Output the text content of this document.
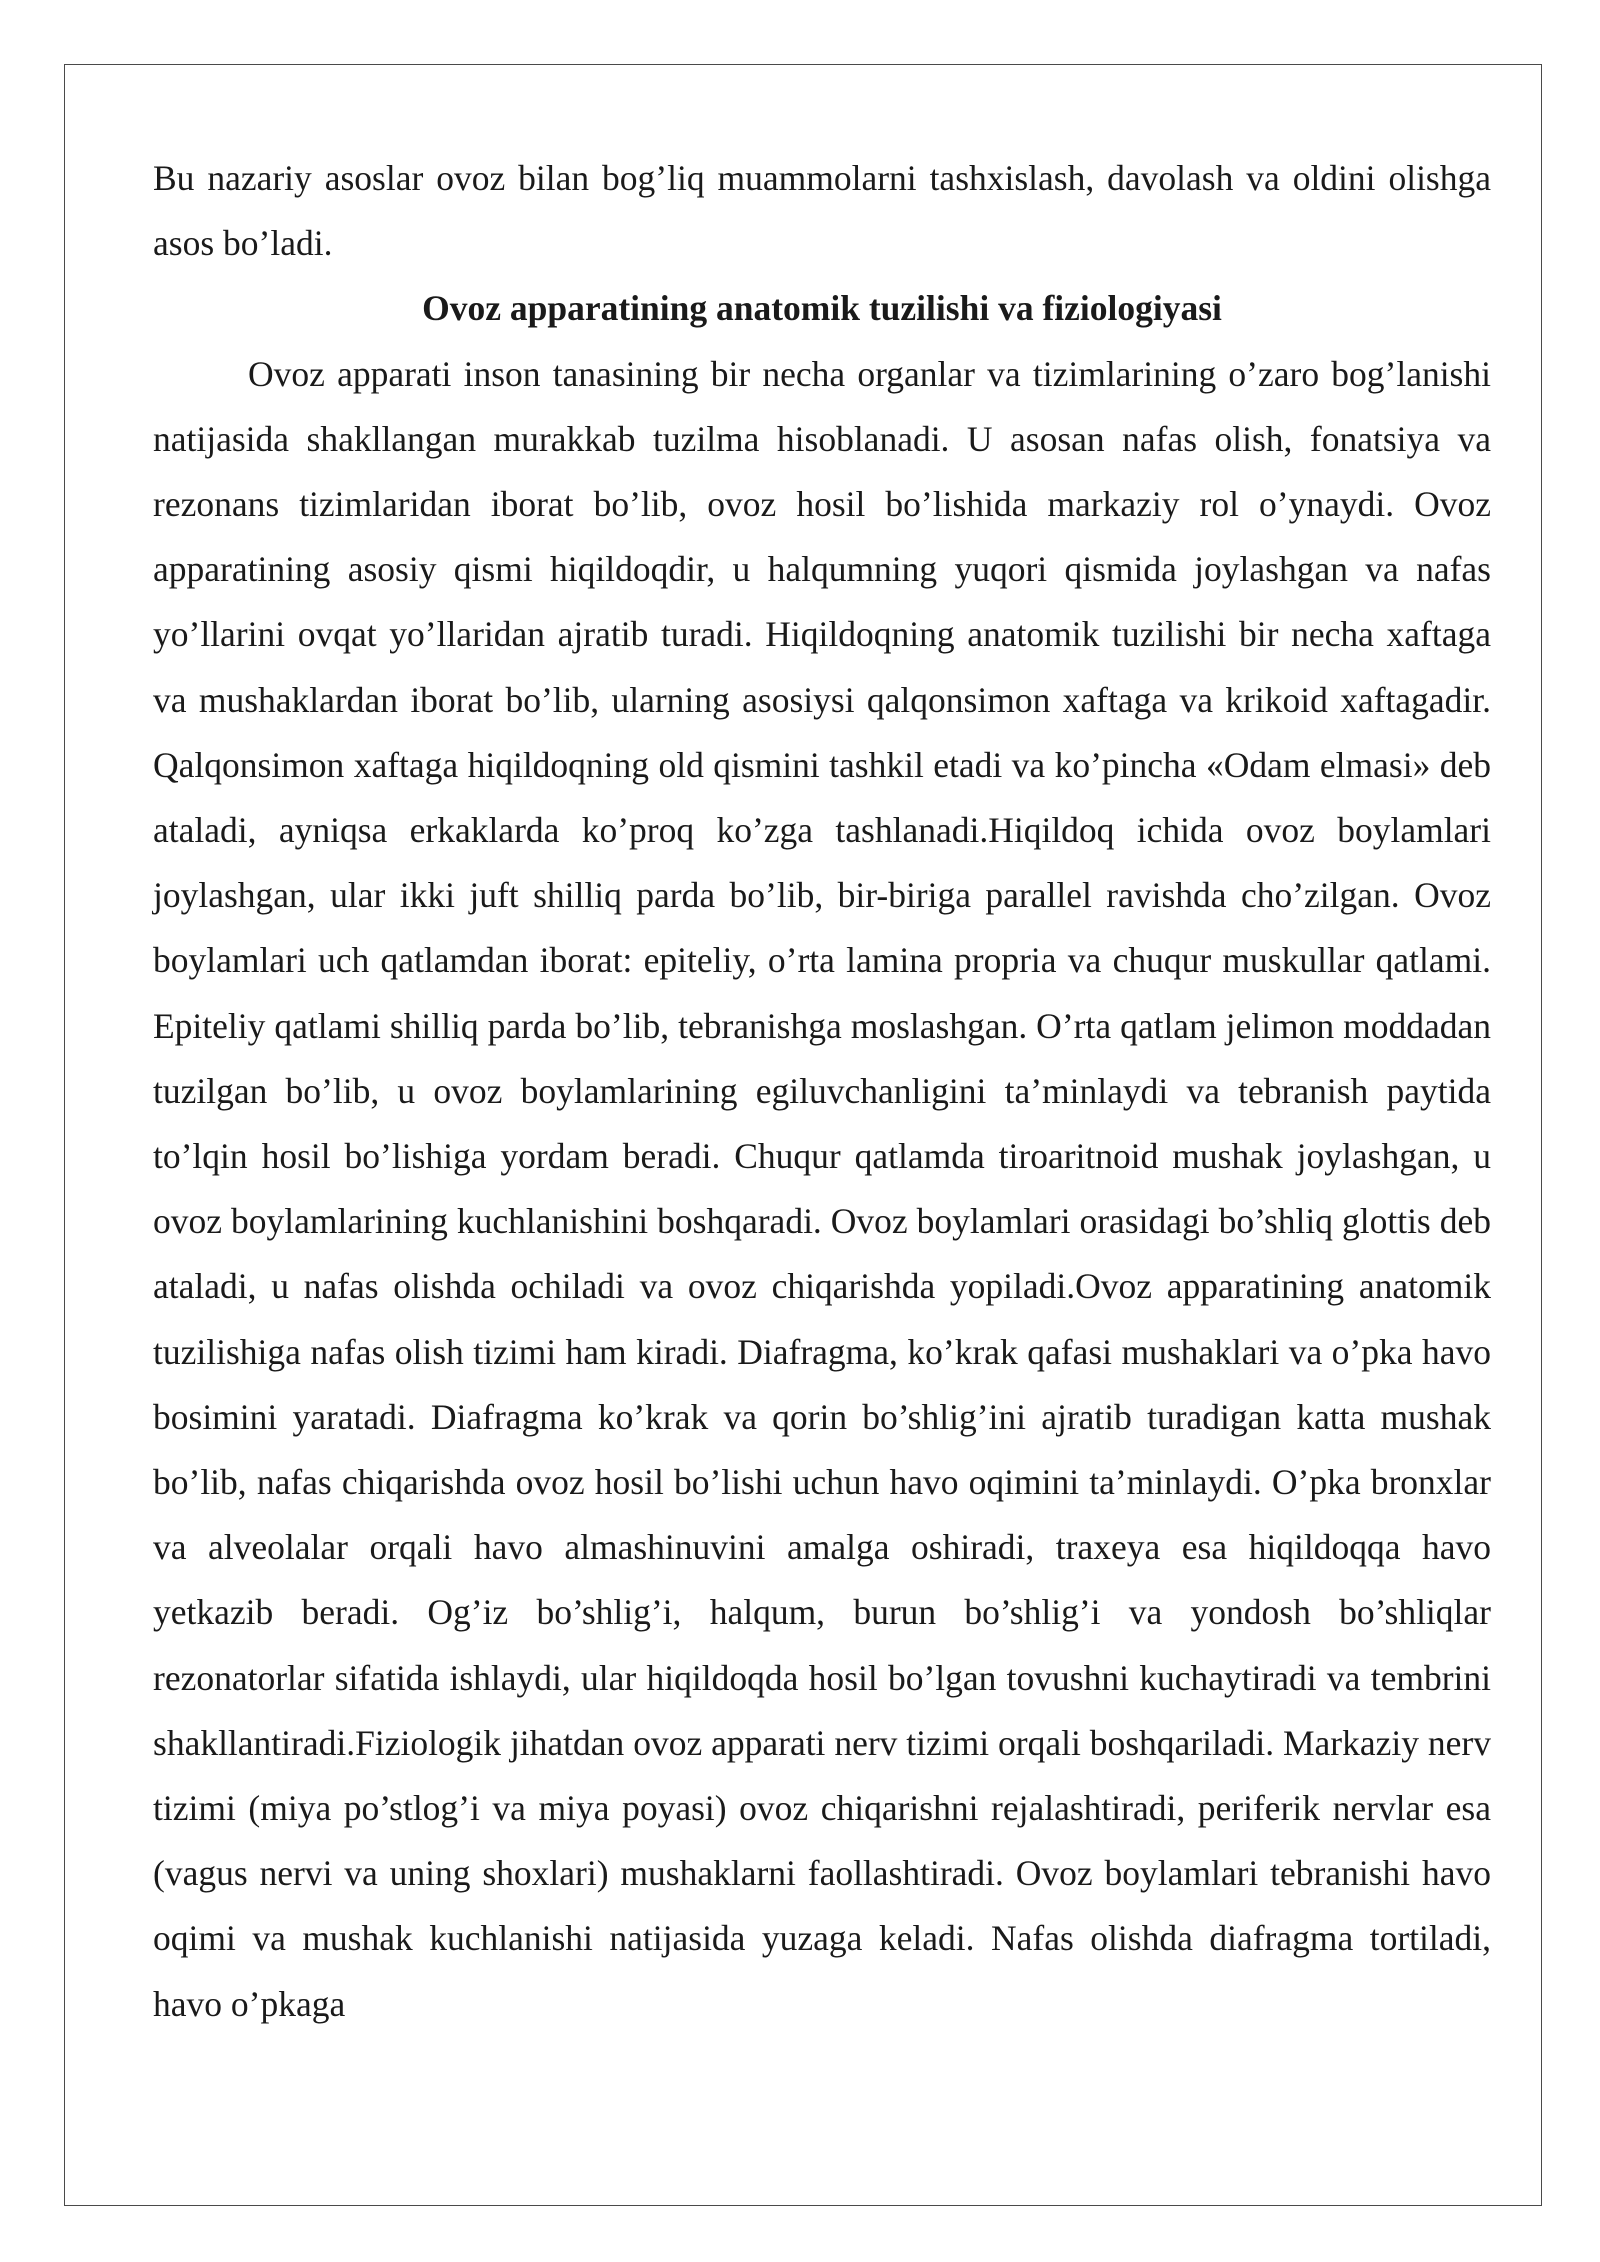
Bu nazariy asoslar ovoz bilan bog’liq muammolarni tashxislash, davolash va oldini olishga asos bo’ladi.

Ovoz apparatining anatomik tuzilishi va fiziologiyasi

Ovoz apparati inson tanasining bir necha organlar va tizimlarining o’zaro bog’lanishi natijasida shakllangan murakkab tuzilma hisoblanadi. U asosan nafas olish, fonatsiya va rezonans tizimlaridan iborat bo’lib, ovoz hosil bo’lishida markaziy rol o’ynaydi. Ovoz apparatining asosiy qismi hiqildoqdir, u halqumning yuqori qismida joylashgan va nafas yo’llarini ovqat yo’llaridan ajratib turadi. Hiqildoqning anatomik tuzilishi bir necha xaftaga va mushaklardan iborat bo’lib, ularning asosiysi qalqonsimon xaftaga va krikoid xaftagadir. Qalqonsimon xaftaga hiqildoqning old qismini tashkil etadi va ko’pincha «Odam elmasi» deb ataladi, ayniqsa erkaklarda ko’proq ko’zga tashlanadi.Hiqildoq ichida ovoz boylamlari joylashgan, ular ikki juft shilliq parda bo’lib, bir-biriga parallel ravishda cho’zilgan. Ovoz boylamlari uch qatlamdan iborat: epiteliy, o’rta lamina propria va chuqur muskullar qatlami. Epiteliy qatlami shilliq parda bo’lib, tebranishga moslashgan. O’rta qatlam jelimon moddadan tuzilgan bo’lib, u ovoz boylamlarining egiluvchanligini ta’minlaydi va tebranish paytida to’lqin hosil bo’lishiga yordam beradi. Chuqur qatlamda tiroaritnoid mushak joylashgan, u ovoz boylamlarining kuchlanishini boshqaradi. Ovoz boylamlari orasidagi bo’shliq glottis deb ataladi, u nafas olishda ochiladi va ovoz chiqarishda yopiladi.Ovoz apparatining anatomik tuzilishiga nafas olish tizimi ham kiradi. Diafragma, ko’krak qafasi mushaklari va o’pka havo bosimini yaratadi. Diafragma ko’krak va qorin bo’shlig’ini ajratib turadigan katta mushak bo’lib, nafas chiqarishda ovoz hosil bo’lishi uchun havo oqimini ta’minlaydi. O’pka bronxlar va alveolalar orqali havo almashinuvini amalga oshiradi, traxeya esa hiqildoqqa havo yetkazib beradi. Og’iz bo’shlig’i, halqum, burun bo’shlig’i va yondosh bo’shliqlar rezonatorlar sifatida ishlaydi, ular hiqildoqda hosil bo’lgan tovushni kuchaytiradi va tembrini shakllantiradi.Fiziologik jihatdan ovoz apparati nerv tizimi orqali boshqariladi. Markaziy nerv tizimi (miya po’stlog’i va miya poyasi) ovoz chiqarishni rejalashtiradi, periferik nervlar esa (vagus nervi va uning shoxlari) mushaklarni faollashtiradi. Ovoz boylamlari tebranishi havo oqimi va mushak kuchlanishi natijasida yuzaga keladi. Nafas olishda diafragma tortiladi, havo o’pkaga
